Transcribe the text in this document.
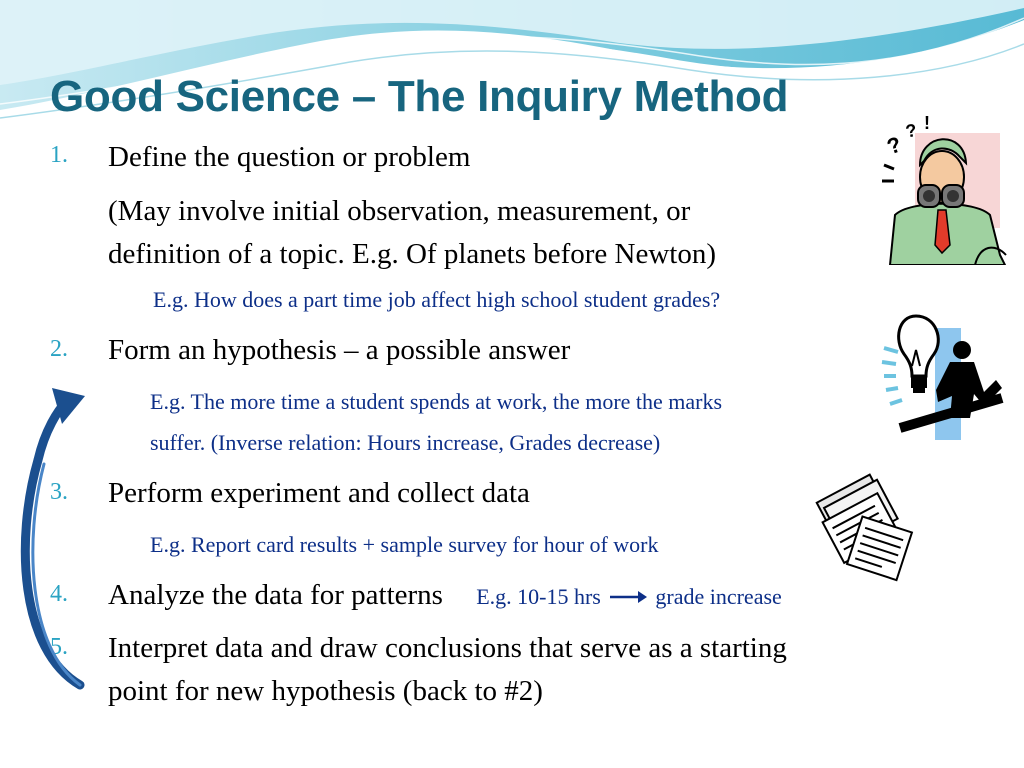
Good Science – The Inquiry Method
1. Define the question or problem
(May involve initial observation, measurement, or
definition of a topic. E.g. Of planets before Newton)
E.g. How does a part time job affect high school student grades?
2. Form an hypothesis – a possible answer
E.g. The more time a student spends at work, the more the marks
suffer. (Inverse relation: Hours increase, Grades decrease)
3. Perform experiment and collect data
E.g. Report card results + sample survey for hour of work
4. Analyze the data for patterns E.g. 10-15 hrs grade increase
5. Interpret data and draw conclusions that serve as a starting
point for new hypothesis (back to #2)
?
? !
